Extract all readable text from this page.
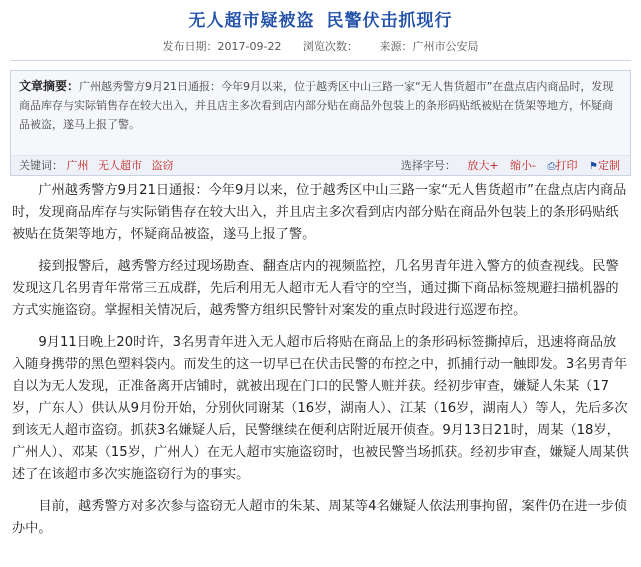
无人超市疑被盗 民警伏击抓现行
发布日期：2017-09-22 浏览次数： 来源：广州市公安局
文章摘要：广州越秀警方9月21日通报：今年9月以来，位于越秀区中山三路一家“无人售货超市”在盘点店内商品时，发现商品库存与实际销售存在较大出入，并且店主多次看到店内部分贴在商品外包装上的条形码贴纸被贴在货架等地方，怀疑商品被盗，遂马上报了警。
关键词： 广州 无人超市 盗窃	选择字号： 放大+ 缩小- ⎙打印 ⚑定制

广州越秀警方9月21日通报：今年9月以来，位于越秀区中山三路一家“无人售货超市”在盘点店内商品时，发现商品库存与实际销售存在较大出入，并且店主多次看到店内部分贴在商品外包装上的条形码贴纸被贴在货架等地方，怀疑商品被盗，遂马上报了警。

接到报警后，越秀警方经过现场勘查、翻查店内的视频监控，几名男青年进入警方的侦查视线。民警发现这几名男青年常常三五成群，先后利用无人超市无人看守的空当，通过撕下商品标签规避扫描机器的方式实施盗窃。掌握相关情况后，越秀警方组织民警针对案发的重点时段进行巡逻布控。

9月11日晚上20时许，3名男青年进入无人超市后将贴在商品上的条形码标签撕掉后，迅速将商品放入随身携带的黑色塑料袋内。而发生的这一切早已在伏击民警的布控之中，抓捕行动一触即发。3名男青年自以为无人发现，正准备离开店铺时，就被出现在门口的民警人赃并获。经初步审查，嫌疑人朱某（17岁，广东人）供认从9月份开始，分别伙同谢某（16岁，湖南人）、江某（16岁，湖南人）等人，先后多次到该无人超市盗窃。抓获3名嫌疑人后，民警继续在便利店附近展开侦查。9月13日21时，周某（18岁，广州人）、邓某（15岁，广州人）在无人超市实施盗窃时，也被民警当场抓获。经初步审查，嫌疑人周某供述了在该超市多次实施盗窃行为的事实。

目前，越秀警方对多次参与盗窃无人超市的朱某、周某等4名嫌疑人依法刑事拘留，案件仍在进一步侦办中。
